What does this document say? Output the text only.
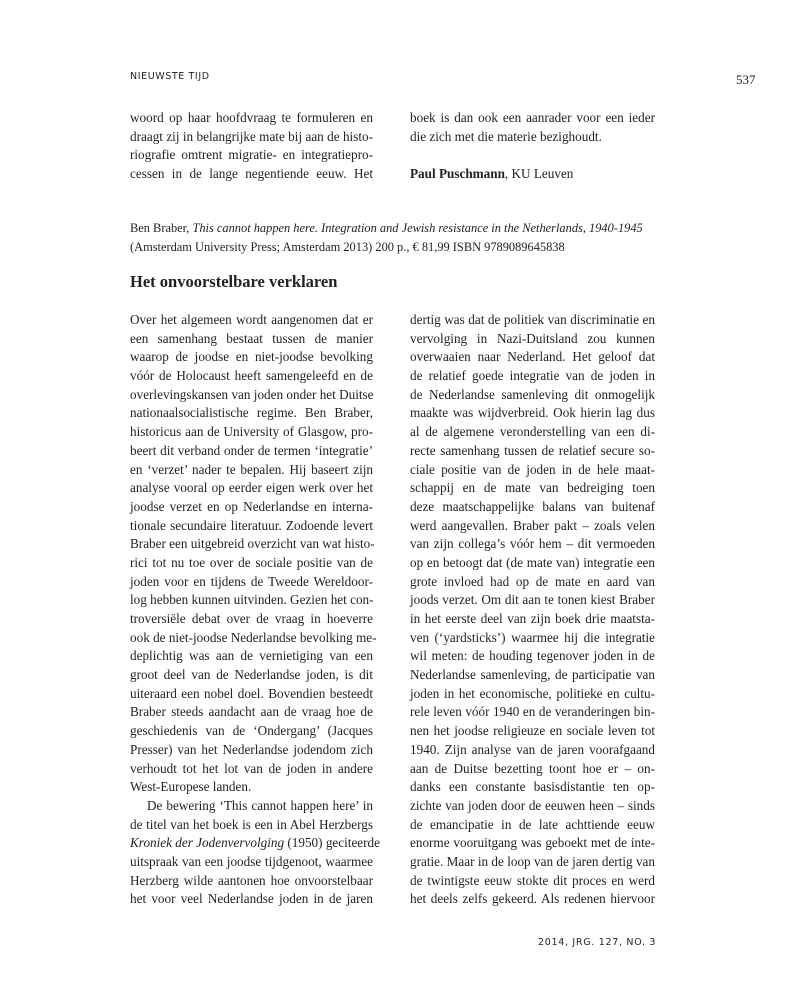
NIEUWSTE TIJD	537
woord op haar hoofdvraag te formuleren en
draagt zij in belangrijke mate bij aan de histo-
riografie omtrent migratie- en integratiepro-
cessen in de lange negentiende eeuw. Het
boek is dan ook een aanrader voor een ieder
die zich met die materie bezighoudt.
Paul Puschmann, KU Leuven
Ben Braber, This cannot happen here. Integration and Jewish resistance in the Netherlands, 1940-1945
(Amsterdam University Press; Amsterdam 2013) 200 p., € 81,99 ISBN 9789089645838
Het onvoorstelbare verklaren
Over het algemeen wordt aangenomen dat er
een samenhang bestaat tussen de manier
waarop de joodse en niet-joodse bevolking
vóór de Holocaust heeft samengeleefd en de
overlevingskansen van joden onder het Duitse
nationaalsocialistische regime. Ben Braber,
historicus aan de University of Glasgow, pro-
beert dit verband onder de termen ‘integratie’
en ‘verzet’ nader te bepalen. Hij baseert zijn
analyse vooral op eerder eigen werk over het
joodse verzet en op Nederlandse en interna-
tionale secundaire literatuur. Zodoende levert
Braber een uitgebreid overzicht van wat histo-
rici tot nu toe over de sociale positie van de
joden voor en tijdens de Tweede Wereldoor-
log hebben kunnen uitvinden. Gezien het con-
troversiële debat over de vraag in hoeverre
ook de niet-joodse Nederlandse bevolking me-
deplichtig was aan de vernietiging van een
groot deel van de Nederlandse joden, is dit
uiteraard een nobel doel. Bovendien besteedt
Braber steeds aandacht aan de vraag hoe de
geschiedenis van de ‘Ondergang’ (Jacques
Presser) van het Nederlandse jodendom zich
verhoudt tot het lot van de joden in andere
West-Europese landen.
De bewering ‘This cannot happen here’ in
de titel van het boek is een in Abel Herzbergs
Kroniek der Jodenvervolging (1950) geciteerde
uitspraak van een joodse tijdgenoot, waarmee
Herzberg wilde aantonen hoe onvoorstelbaar
het voor veel Nederlandse joden in de jaren
dertig was dat de politiek van discriminatie en
vervolging in Nazi-Duitsland zou kunnen
overwaaien naar Nederland. Het geloof dat
de relatief goede integratie van de joden in
de Nederlandse samenleving dit onmogelijk
maakte was wijdverbreid. Ook hierin lag dus
al de algemene veronderstelling van een di-
recte samenhang tussen de relatief secure so-
ciale positie van de joden in de hele maat-
schappij en de mate van bedreiging toen
deze maatschappelijke balans van buitenaf
werd aangevallen. Braber pakt – zoals velen
van zijn collega’s vóór hem – dit vermoeden
op en betoogt dat (de mate van) integratie een
grote invloed had op de mate en aard van
joods verzet. Om dit aan te tonen kiest Braber
in het eerste deel van zijn boek drie maatsta-
ven (‘yardsticks’) waarmee hij die integratie
wil meten: de houding tegenover joden in de
Nederlandse samenleving, de participatie van
joden in het economische, politieke en cultu-
rele leven vóór 1940 en de veranderingen bin-
nen het joodse religieuze en sociale leven tot
1940. Zijn analyse van de jaren voorafgaand
aan de Duitse bezetting toont hoe er – on-
danks een constante basisdistantie ten op-
zichte van joden door de eeuwen heen – sinds
de emancipatie in de late achttiende eeuw
enorme vooruitgang was geboekt met de inte-
gratie. Maar in de loop van de jaren dertig van
de twintigste eeuw stokte dit proces en werd
het deels zelfs gekeerd. Als redenen hiervoor
2014, JRG. 127, NO. 3
